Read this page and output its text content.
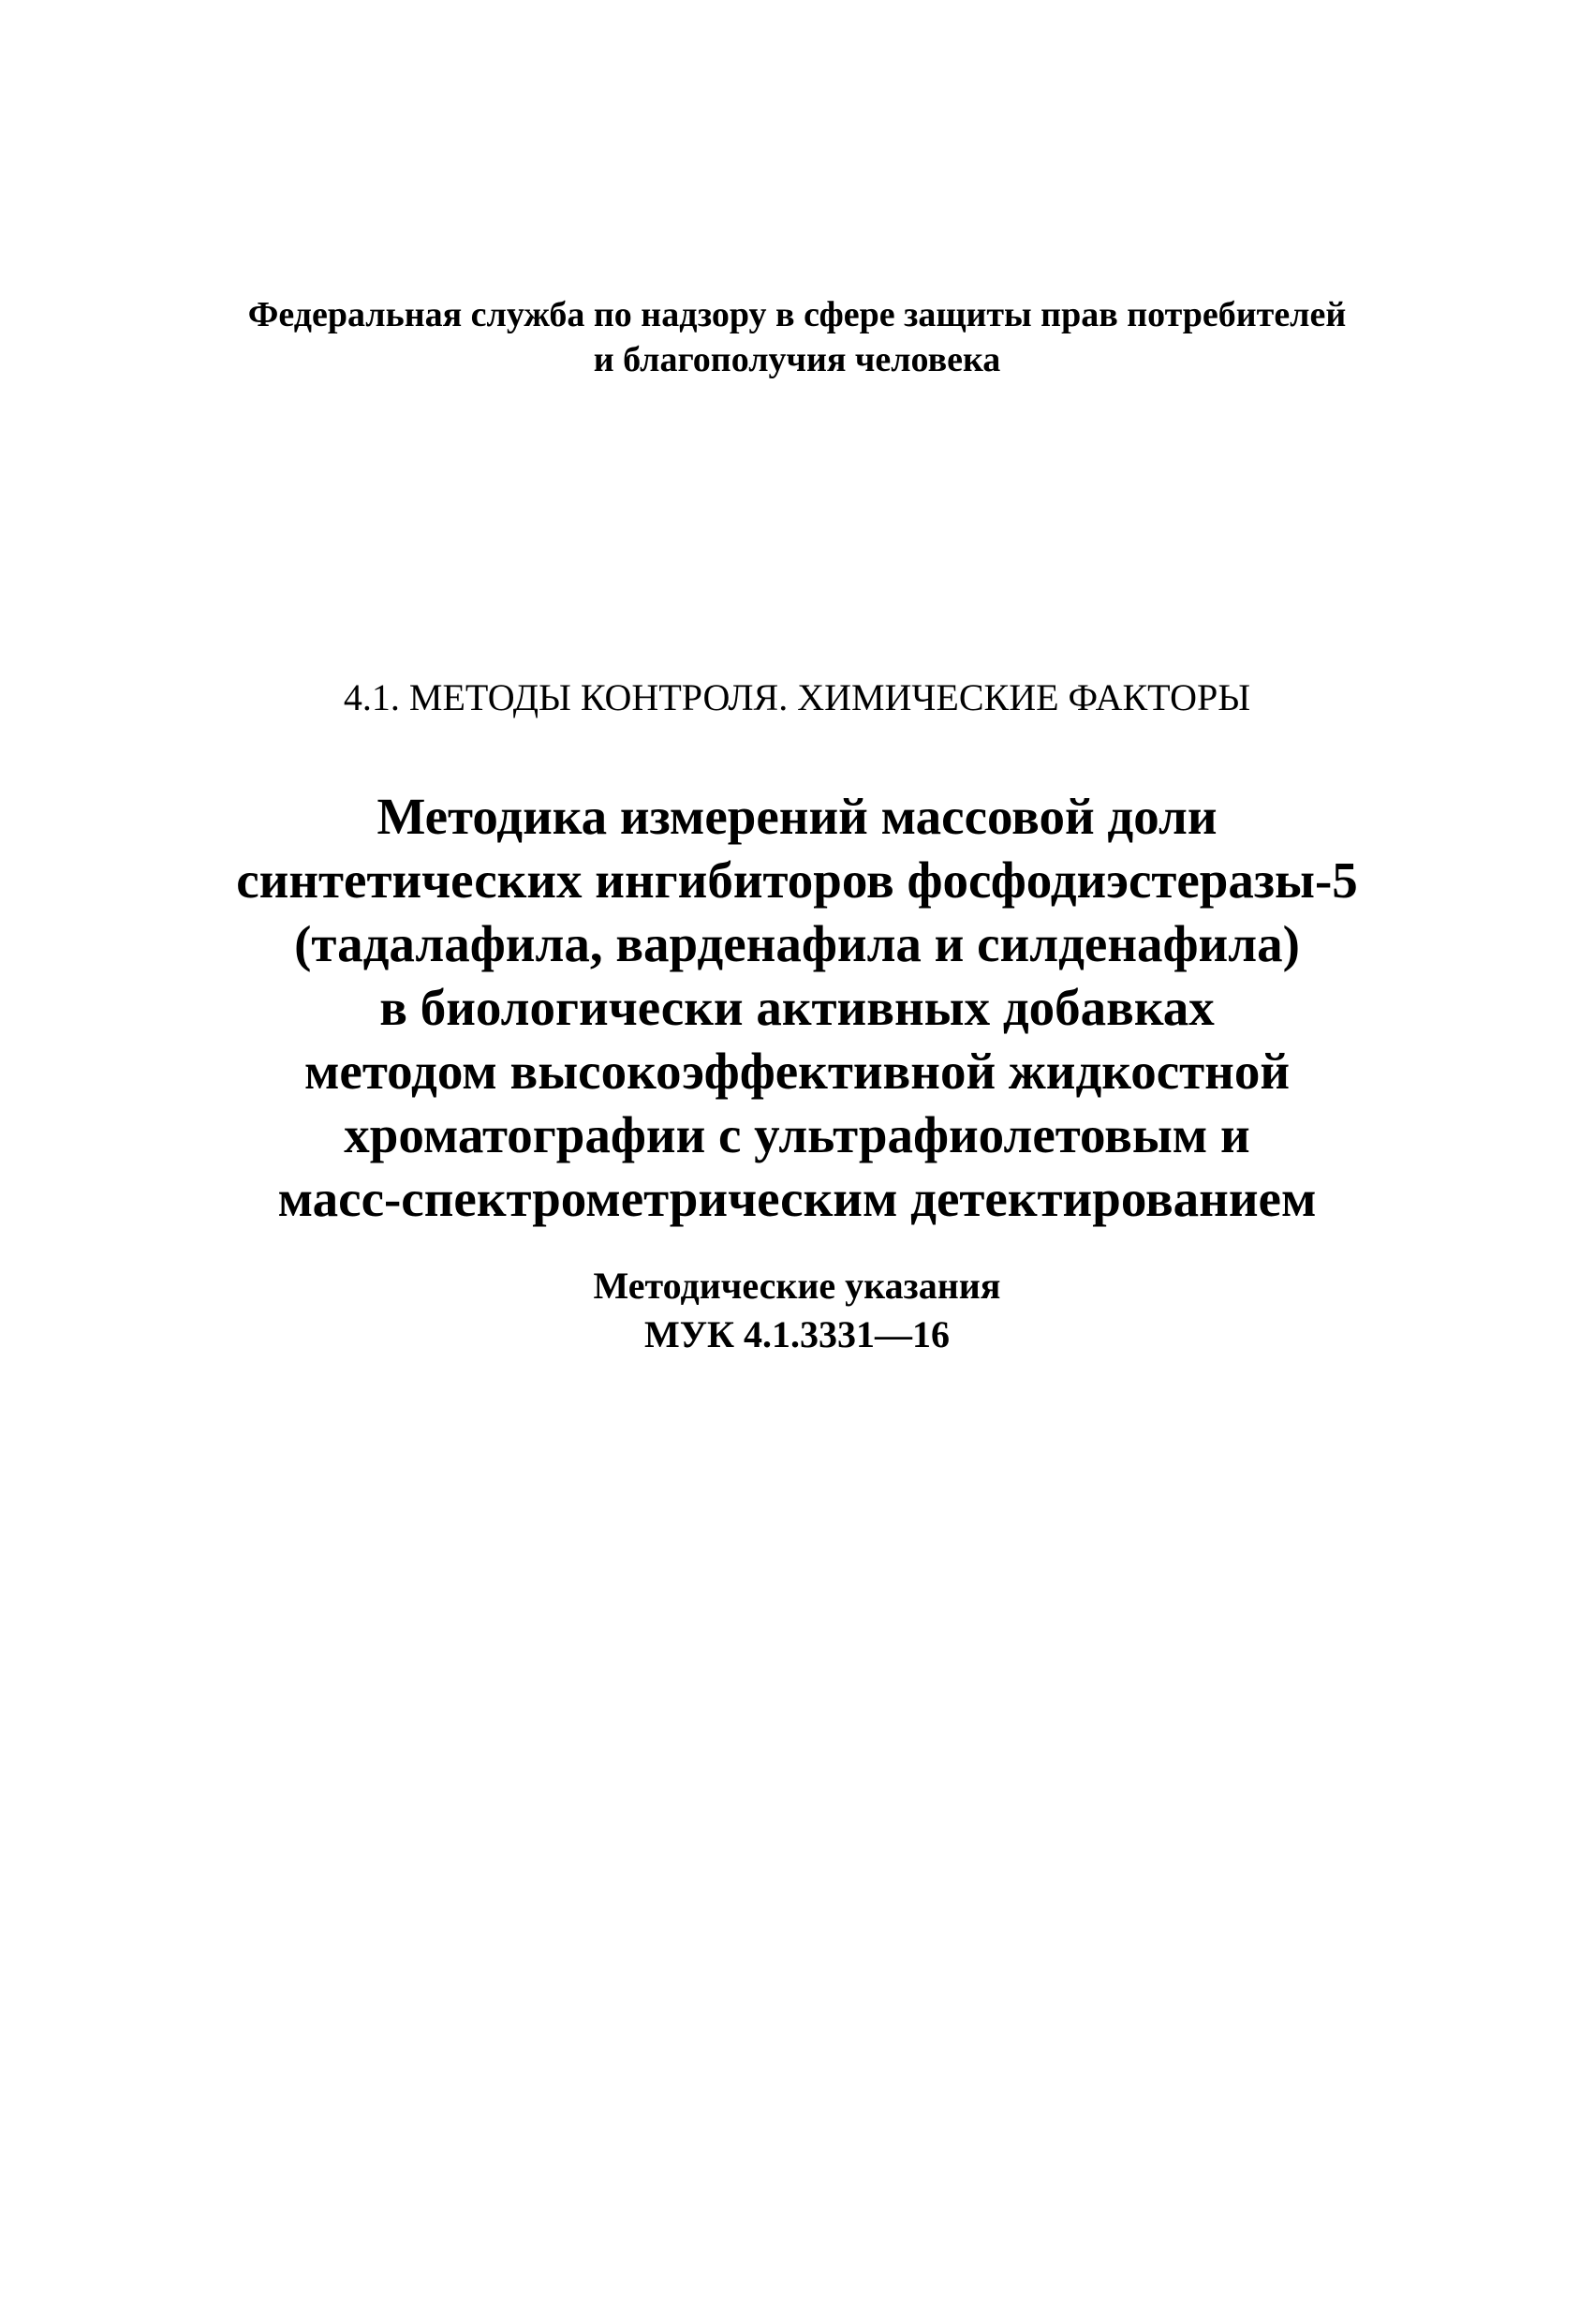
Федеральная служба по надзору в сфере защиты прав потребителей
и благополучия человека
4.1. МЕТОДЫ КОНТРОЛЯ. ХИМИЧЕСКИЕ ФАКТОРЫ
Методика измерений массовой доли
синтетических ингибиторов фосфодиэстеразы-5
(тадалафила, варденафила и силденафила)
в биологически активных добавках
методом высокоэффективной жидкостной
хроматографии с ультрафиолетовым и
масс-спектрометрическим детектированием
Методические указания
МУК 4.1.3331—16
